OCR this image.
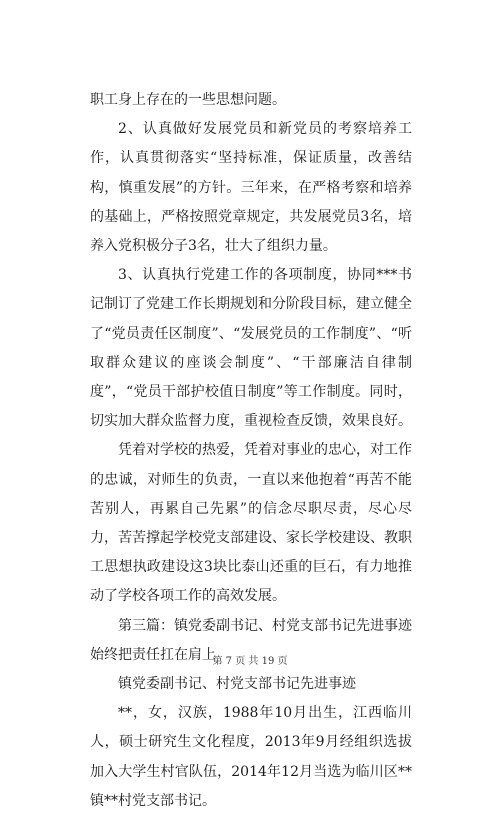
职工身上存在的一些思想问题。

2、认真做好发展党员和新党员的考察培养工作，认真贯彻落实“坚持标准，保证质量，改善结构，慎重发展”的方针。三年来，在严格考察和培养的基础上，严格按照党章规定，共发展党员3名，培养入党积极分子3名，壮大了组织力量。

3、认真执行党建工作的各项制度，协同***书记制订了党建工作长期规划和分阶段目标，建立健全了“党员责任区制度”、“发展党员的工作制度”、“听取群众建议的座谈会制度”、“干部廉洁自律制度”，“党员干部护校值日制度”等工作制度。同时，切实加大群众监督力度，重视检查反馈，效果良好。

凭着对学校的热爱，凭着对事业的忠心，对工作的忠诚，对师生的负责，一直以来他抱着“再苦不能苦别人，再累自己先累”的信念尽职尽责，尽心尽力，苦苦撑起学校党支部建设、家长学校建设、教职工思想执政建设这3块比泰山还重的巨石，有力地推动了学校各项工作的高效发展。

第三篇：镇党委副书记、村党支部书记先进事迹始终把责任扛在肩上

镇党委副书记、村党支部书记先进事迹

**，女，汉族，1988年10月出生，江西临川人，硕士研究生文化程度，2013年9月经组织选拔加入大学生村官队伍，2014年12月当选为临川区**镇**村党支部书记。

第 7 页 共 19 页
